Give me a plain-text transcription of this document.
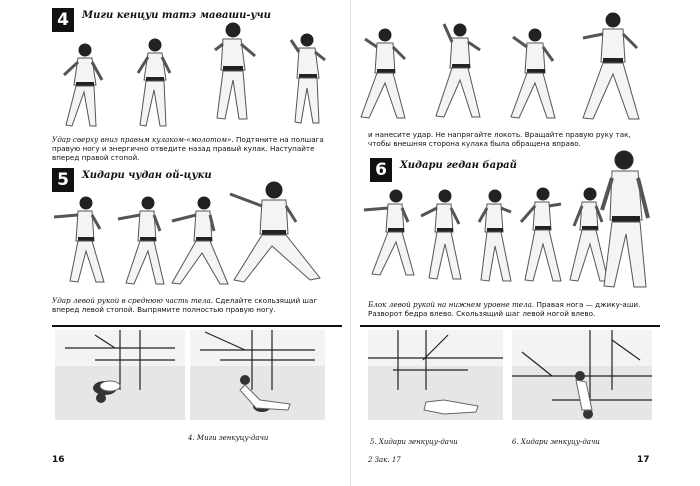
4	Миги кенцуи татэ маваши-учи
Удар сверху вниз правым кулаком-«молотом». Подтяните на полшага правую ногу и энергично отведите назад правый кулак. Наступайте вперед правой стопой.
и нанесите удар. Не напрягайте локоть. Вращайте правую руку так, чтобы внешняя сторона кулака была обращена вправо.
5	Хидари чудан ой-цуки
Удар левой рукой в среднюю часть тела. Сделайте скользящий шаг вперед левой стопой. Выпрямите полностью правую ногу.
6	Хидари гедан барай
Блок левой рукой на нижнем уровне тела. Правая нога — джику-аши. Разворот бедра влево. Скользящий шаг левой ногой влево.
4. Миги зенкуцу-дачи	5. Хидари зенкуцу-дачи	6. Хидари зенкуцу-дачи
16	2 Зак. 17	17
